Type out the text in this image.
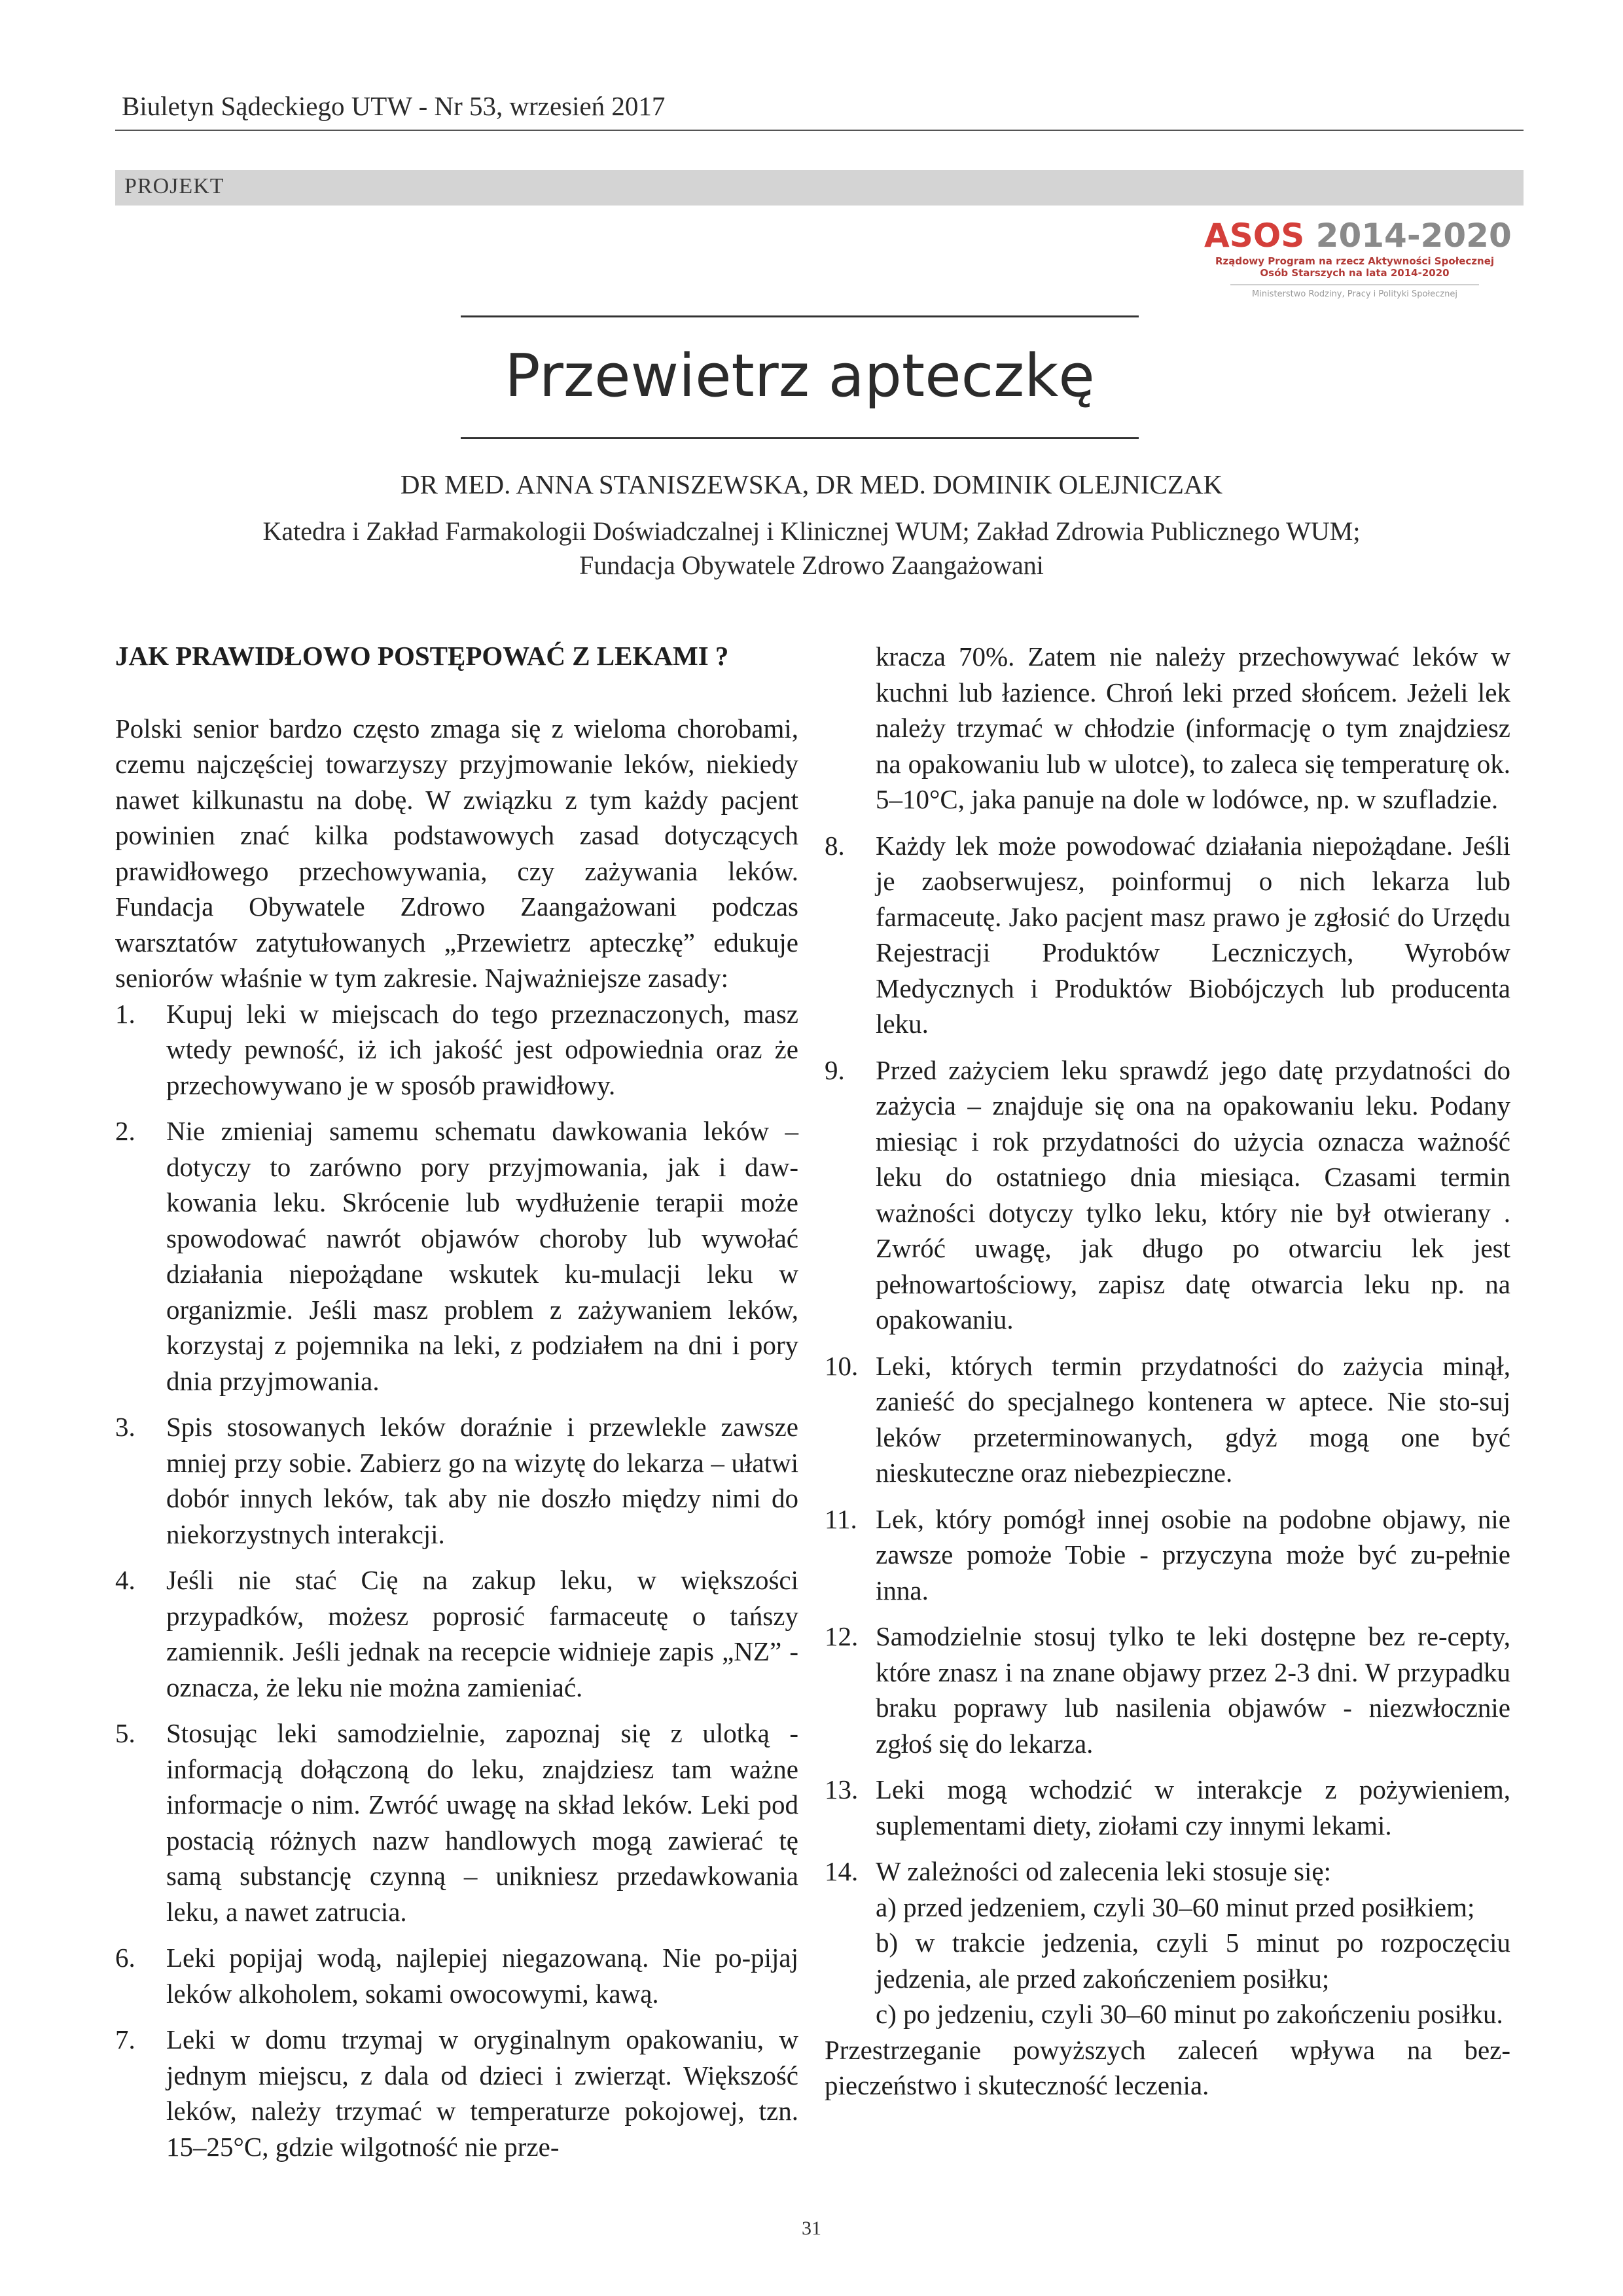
Biuletyn Sądeckiego UTW - Nr 53, wrzesień 2017
PROJEKT
ASOS 2014-2020
Rządowy Program na rzecz Aktywności Społecznej
Osób Starszych na lata 2014-2020
Ministerstwo Rodziny, Pracy i Polityki Społecznej
Przewietrz apteczkę
DR MED. ANNA STANISZEWSKA, DR MED. DOMINIK OLEJNICZAK
Katedra i Zakład Farmakologii Doświadczalnej i Klinicznej WUM; Zakład Zdrowia Publicznego WUM;
Fundacja Obywatele Zdrowo Zaangażowani
JAK PRAWIDŁOWO POSTĘPOWAĆ Z LEKAMI ?

Polski senior bardzo często zmaga się z wieloma chorobami, czemu najczęściej towarzyszy przyjmowanie leków, niekiedy nawet kilkunastu na dobę. W związku z tym każdy pacjent powinien znać kilka podstawowych zasad dotyczących prawidłowego przechowywania, czy zażywania leków. Fundacja Obywatele Zdrowo Zaangażowani podczas warsztatów zatytułowanych „Przewietrz apteczkę” edukuje seniorów właśnie w tym zakresie. Najważniejsze zasady:

1. Kupuj leki w miejscach do tego przeznaczonych, masz wtedy pewność, iż ich jakość jest odpowiednia oraz że przechowywano je w sposób prawidłowy.

2. Nie zmieniaj samemu schematu dawkowania leków – dotyczy to zarówno pory przyjmowania, jak i daw-kowania leku. Skrócenie lub wydłużenie terapii może spowodować nawrót objawów choroby lub wywołać działania niepożądane wskutek ku-mulacji leku w organizmie. Jeśli masz problem z zażywaniem leków, korzystaj z pojemnika na leki, z podziałem na dni i pory dnia przyjmowania.

3. Spis stosowanych leków doraźnie i przewlekle zawsze mniej przy sobie. Zabierz go na wizytę do lekarza – ułatwi dobór innych leków, tak aby nie doszło między nimi do niekorzystnych interakcji.

4. Jeśli nie stać Cię na zakup leku, w większości przypadków, możesz poprosić farmaceutę o tańszy zamiennik. Jeśli jednak na recepcie widnieje zapis „NZ” - oznacza, że leku nie można zamieniać.

5. Stosując leki samodzielnie, zapoznaj się z ulotką - informacją dołączoną do leku, znajdziesz tam ważne informacje o nim. Zwróć uwagę na skład leków. Leki pod postacią różnych nazw handlowych mogą zawierać tę samą substancję czynną – unikniesz przedawkowania leku, a nawet zatrucia.

6. Leki popijaj wodą, najlepiej niegazowaną. Nie po-pijaj leków alkoholem, sokami owocowymi, kawą.

7. Leki w domu trzymaj w oryginalnym opakowaniu, w jednym miejscu, z dala od dzieci i zwierząt. Większość leków, należy trzymać w temperaturze pokojowej, tzn. 15–25°C, gdzie wilgotność nie prze-

kracza 70%. Zatem nie należy przechowywać leków w kuchni lub łazience. Chroń leki przed słońcem. Jeżeli lek należy trzymać w chłodzie (informację o tym znajdziesz na opakowaniu lub w ulotce), to zaleca się temperaturę ok. 5–10°C, jaka panuje na dole w lodówce, np. w szufladzie.

8. Każdy lek może powodować działania niepożądane. Jeśli je zaobserwujesz, poinformuj o nich lekarza lub farmaceutę. Jako pacjent masz prawo je zgłosić do Urzędu Rejestracji Produktów Leczniczych, Wyrobów Medycznych i Produktów Biobójczych lub producenta leku.

9. Przed zażyciem leku sprawdź jego datę przydatności do zażycia – znajduje się ona na opakowaniu leku. Podany miesiąc i rok przydatności do użycia oznacza ważność leku do ostatniego dnia miesiąca. Czasami termin ważności dotyczy tylko leku, który nie był otwierany . Zwróć uwagę, jak długo po otwarciu lek jest pełnowartościowy, zapisz datę otwarcia leku np. na opakowaniu.

10. Leki, których termin przydatności do zażycia minął, zanieść do specjalnego kontenera w aptece. Nie sto-suj leków przeterminowanych, gdyż mogą one być nieskuteczne oraz niebezpieczne.

11. Lek, który pomógł innej osobie na podobne objawy, nie zawsze pomoże Tobie - przyczyna może być zu-pełnie inna.

12. Samodzielnie stosuj tylko te leki dostępne bez re-cepty, które znasz i na znane objawy przez 2-3 dni. W przypadku braku poprawy lub nasilenia objawów - niezwłocznie zgłoś się do lekarza.

13. Leki mogą wchodzić w interakcje z pożywieniem, suplementami diety, ziołami czy innymi lekami.

14. W zależności od zalecenia leki stosuje się:

a) przed jedzeniem, czyli 30–60 minut przed posiłkiem;

b) w trakcie jedzenia, czyli 5 minut po rozpoczęciu jedzenia, ale przed zakończeniem posiłku;

c) po jedzeniu, czyli 30–60 minut po zakończeniu posiłku.

Przestrzeganie powyższych zaleceń wpływa na bez-pieczeństwo i skuteczność leczenia.

31
